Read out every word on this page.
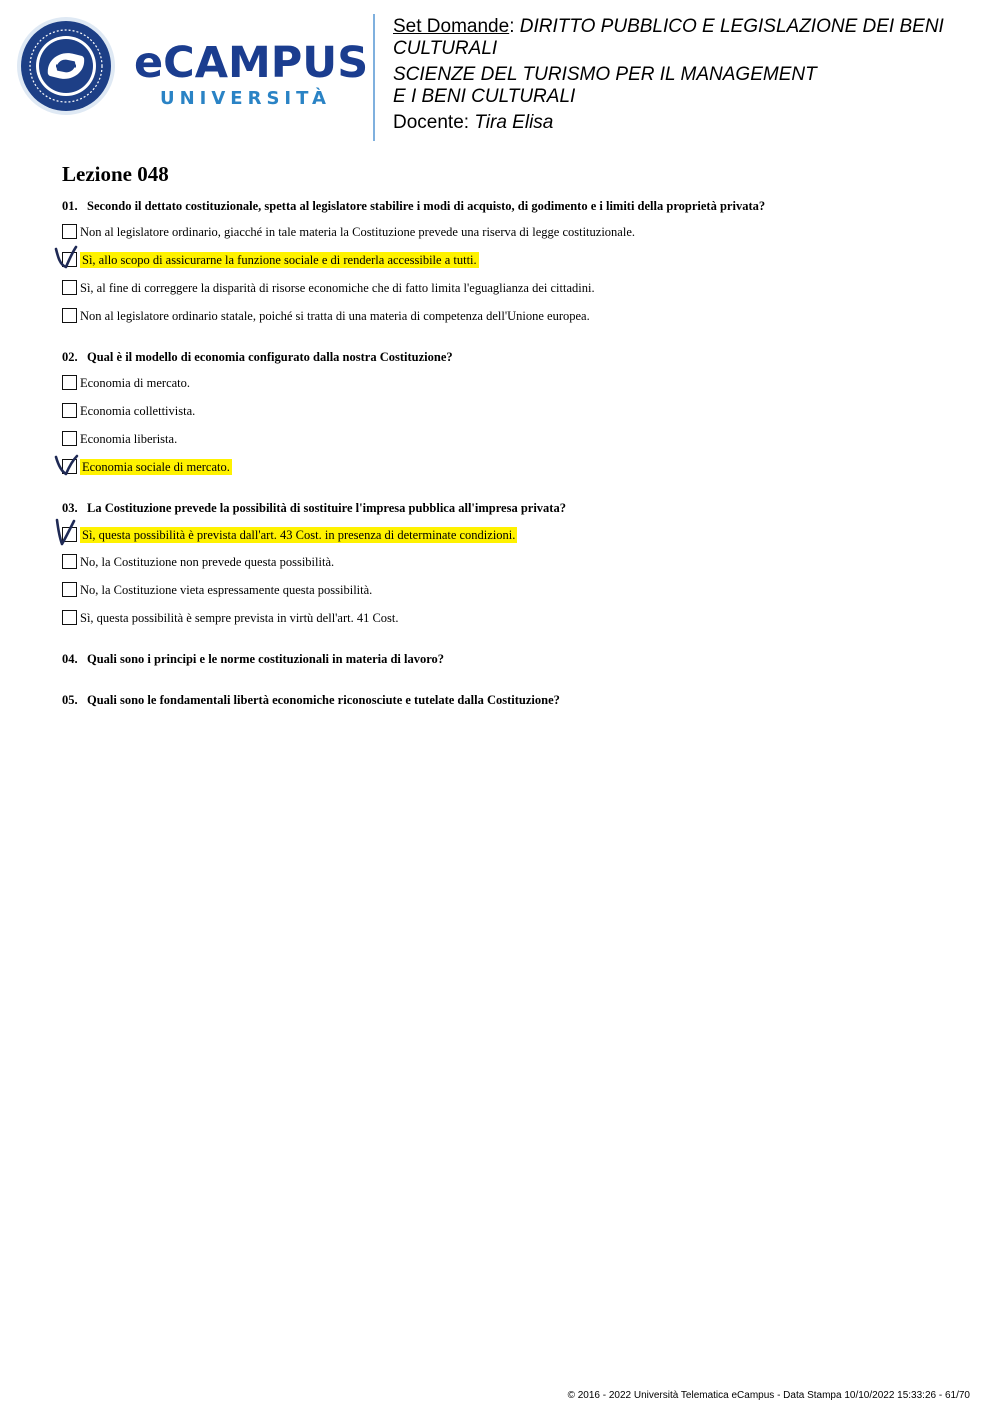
eCAMPUS
UNIVERSITÀ
Set Domande: DIRITTO PUBBLICO E LEGISLAZIONE DEI BENI
CULTURALI
SCIENZE DEL TURISMO PER IL MANAGEMENT
E I BENI CULTURALI
Docente: Tira Elisa
Lezione 048
01. Secondo il dettato costituzionale, spetta al legislatore stabilire i modi di acquisto, di godimento e i limiti della proprietà privata?
Non al legislatore ordinario, giacché in tale materia la Costituzione prevede una riserva di legge costituzionale.
Sì, allo scopo di assicurarne la funzione sociale e di renderla accessibile a tutti.
Sì, al fine di correggere la disparità di risorse economiche che di fatto limita l'eguaglianza dei cittadini.
Non al legislatore ordinario statale, poiché si tratta di una materia di competenza dell'Unione europea.
02. Qual è il modello di economia configurato dalla nostra Costituzione?
Economia di mercato.
Economia collettivista.
Economia liberista.
Economia sociale di mercato.
03. La Costituzione prevede la possibilità di sostituire l'impresa pubblica all'impresa privata?
Sì, questa possibilità è prevista dall'art. 43 Cost. in presenza di determinate condizioni.
No, la Costituzione non prevede questa possibilità.
No, la Costituzione vieta espressamente questa possibilità.
Sì, questa possibilità è sempre prevista in virtù dell'art. 41 Cost.
04. Quali sono i principi e le norme costituzionali in materia di lavoro?
05. Quali sono le fondamentali libertà economiche riconosciute e tutelate dalla Costituzione?
© 2016 - 2022 Università Telematica eCampus - Data Stampa 10/10/2022 15:33:26 - 61/70
